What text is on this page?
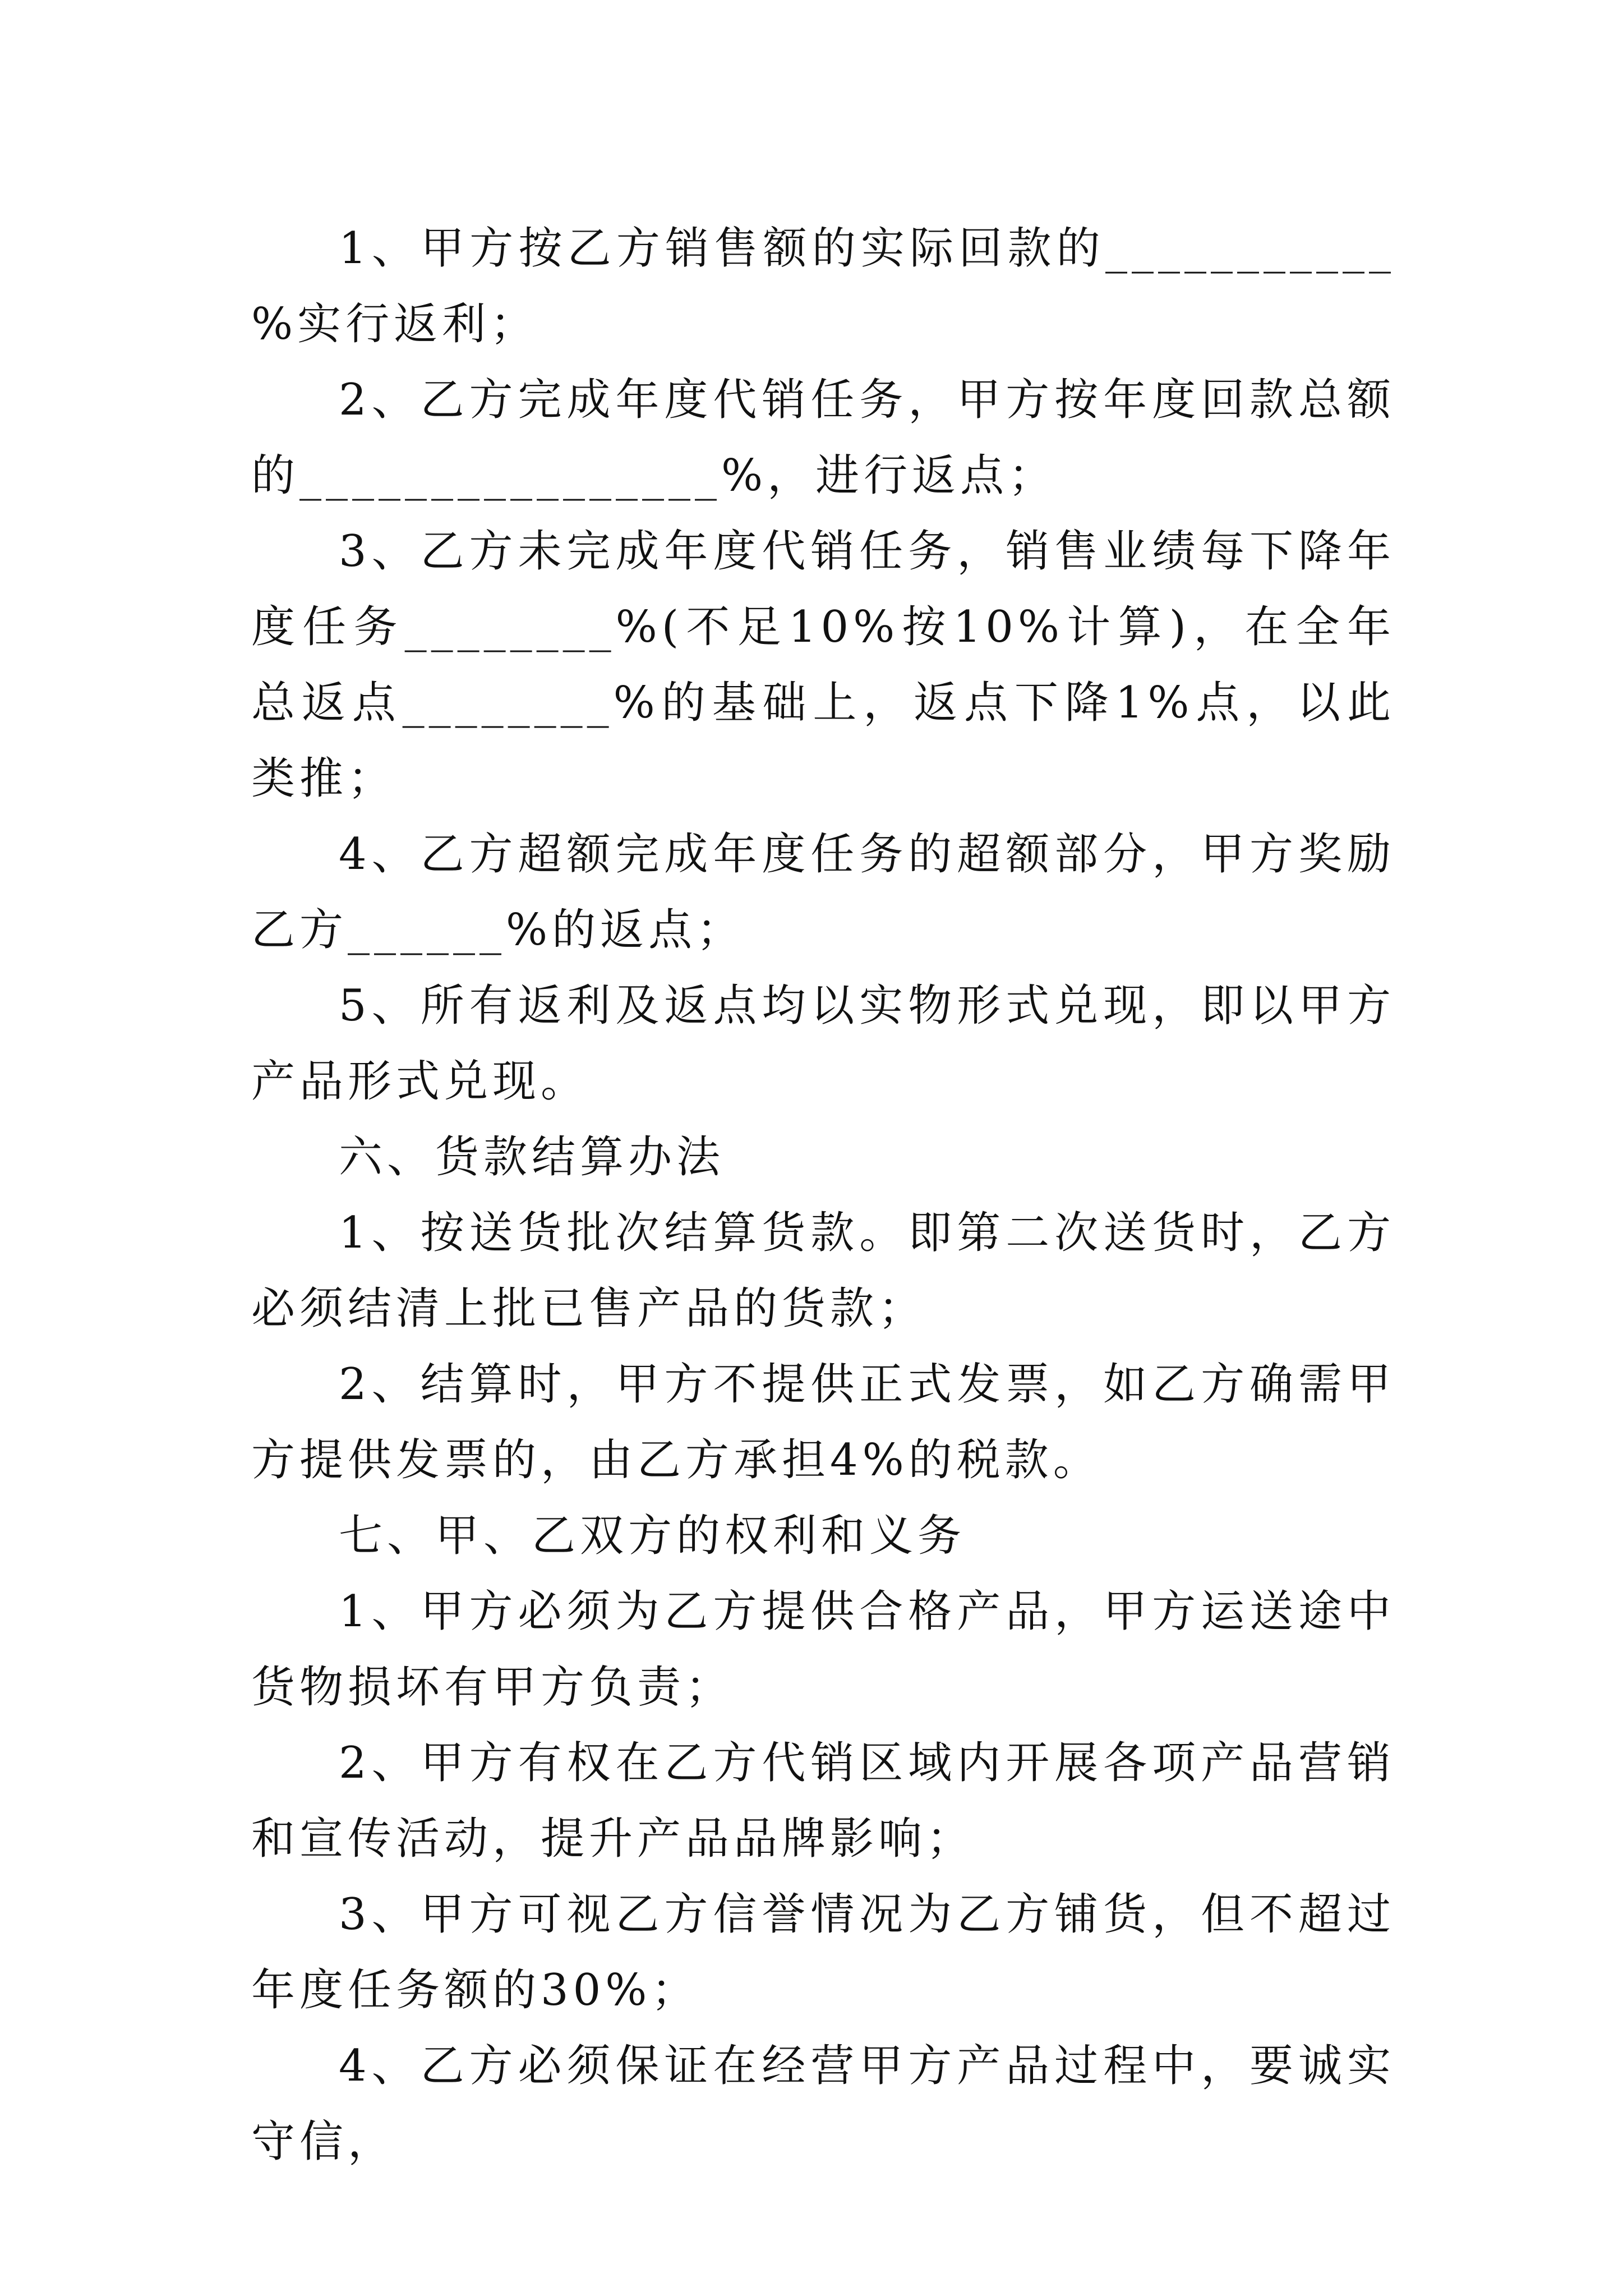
1、甲方按乙方销售额的实际回款的___________ %实行返利；

2、乙方完成年度代销任务，甲方按年度回款总额的________________%，进行返点；

3、乙方未完成年度代销任务，销售业绩每下降年度任务________%(不足10%按10%计算)，在全年总返点________%的基础上，返点下降1%点，以此类推；

4、乙方超额完成年度任务的超额部分，甲方奖励乙方______%的返点；

5、所有返利及返点均以实物形式兑现，即以甲方产品形式兑现。

六、货款结算办法

1、按送货批次结算货款。即第二次送货时，乙方必须结清上批已售产品的货款；

2、结算时，甲方不提供正式发票，如乙方确需甲方提供发票的，由乙方承担4%的税款。

七、甲、乙双方的权利和义务

1、甲方必须为乙方提供合格产品，甲方运送途中货物损坏有甲方负责；

2、甲方有权在乙方代销区域内开展各项产品营销和宣传活动，提升产品品牌影响；

3、甲方可视乙方信誉情况为乙方铺货，但不超过年度任务额的30%；

4、乙方必须保证在经营甲方产品过程中，要诚实守信，
